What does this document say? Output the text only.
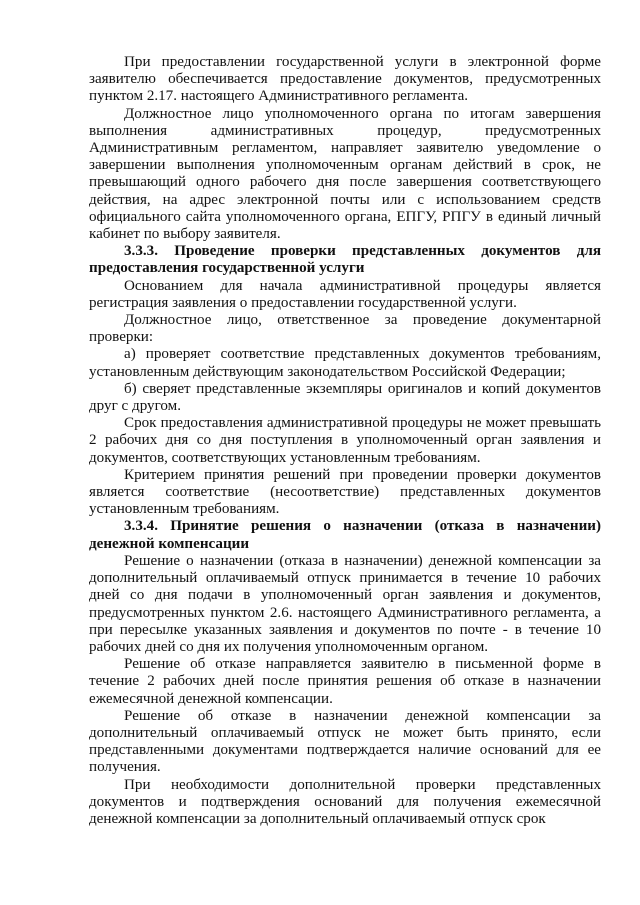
При предоставлении государственной услуги в электронной форме заявителю обеспечивается предоставление документов, предусмотренных пунктом 2.17. настоящего Административного регламента.

Должностное лицо уполномоченного органа по итогам завершения выполнения административных процедур, предусмотренных Административным регламентом, направляет заявителю уведомление о завершении выполнения уполномоченным органам действий в срок, не превышающий одного рабочего дня после завершения соответствующего действия, на адрес электронной почты или с использованием средств официального сайта уполномоченного органа, ЕПГУ, РПГУ в единый личный кабинет по выбору заявителя.

3.3.3. Проведение проверки представленных документов для предоставления государственной услуги

Основанием для начала административной процедуры является регистрация заявления о предоставлении государственной услуги.

Должностное лицо, ответственное за проведение документарной проверки:

а) проверяет соответствие представленных документов требованиям, установленным действующим законодательством Российской Федерации;

б) сверяет представленные экземпляры оригиналов и копий документов друг с другом.

Срок предоставления административной процедуры не может превышать 2 рабочих дня со дня поступления в уполномоченный орган заявления и документов, соответствующих установленным требованиям.

Критерием принятия решений при проведении проверки документов является соответствие (несоответствие) представленных документов установленным требованиям.

3.3.4. Принятие решения о назначении (отказа в назначении) денежной компенсации

Решение о назначении (отказа в назначении) денежной компенсации за дополнительный оплачиваемый отпуск принимается в течение 10 рабочих дней со дня подачи в уполномоченный орган заявления и документов, предусмотренных пунктом 2.6. настоящего Административного регламента, а при пересылке указанных заявления и документов по почте - в течение 10 рабочих дней со дня их получения уполномоченным органом.

Решение об отказе направляется заявителю в письменной форме в течение 2 рабочих дней после принятия решения об отказе в назначении ежемесячной денежной компенсации.

Решение об отказе в назначении денежной компенсации за дополнительный оплачиваемый отпуск не может быть принято, если представленными документами подтверждается наличие оснований для ее получения.

При необходимости дополнительной проверки представленных документов и подтверждения оснований для получения ежемесячной денежной компенсации за дополнительный оплачиваемый отпуск срок
